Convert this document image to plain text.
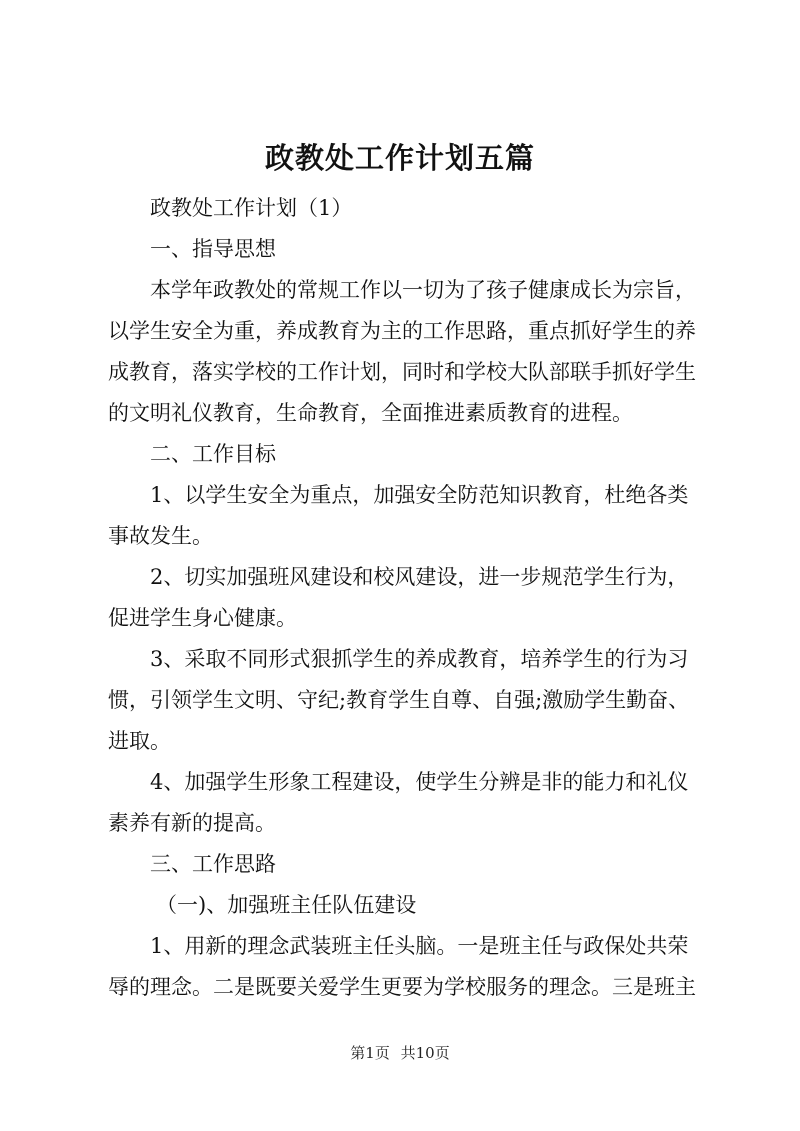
政教处工作计划五篇
政教处工作计划（1）
一、指导思想
本学年政教处的常规工作以一切为了孩子健康成长为宗旨，
以学生安全为重，养成教育为主的工作思路，重点抓好学生的养
成教育，落实学校的工作计划，同时和学校大队部联手抓好学生
的文明礼仪教育，生命教育，全面推进素质教育的进程。
二、工作目标
1、以学生安全为重点，加强安全防范知识教育，杜绝各类
事故发生。
2、切实加强班风建设和校风建设，进一步规范学生行为，
促进学生身心健康。
3、采取不同形式狠抓学生的养成教育，培养学生的行为习
惯，引领学生文明、守纪;教育学生自尊、自强;激励学生勤奋、
进取。
4、加强学生形象工程建设，使学生分辨是非的能力和礼仪
素养有新的提高。
三、工作思路
（一)、加强班主任队伍建设
1、用新的理念武装班主任头脑。一是班主任与政保处共荣
辱的理念。二是既要关爱学生更要为学校服务的理念。三是班主
第1页 共10页
